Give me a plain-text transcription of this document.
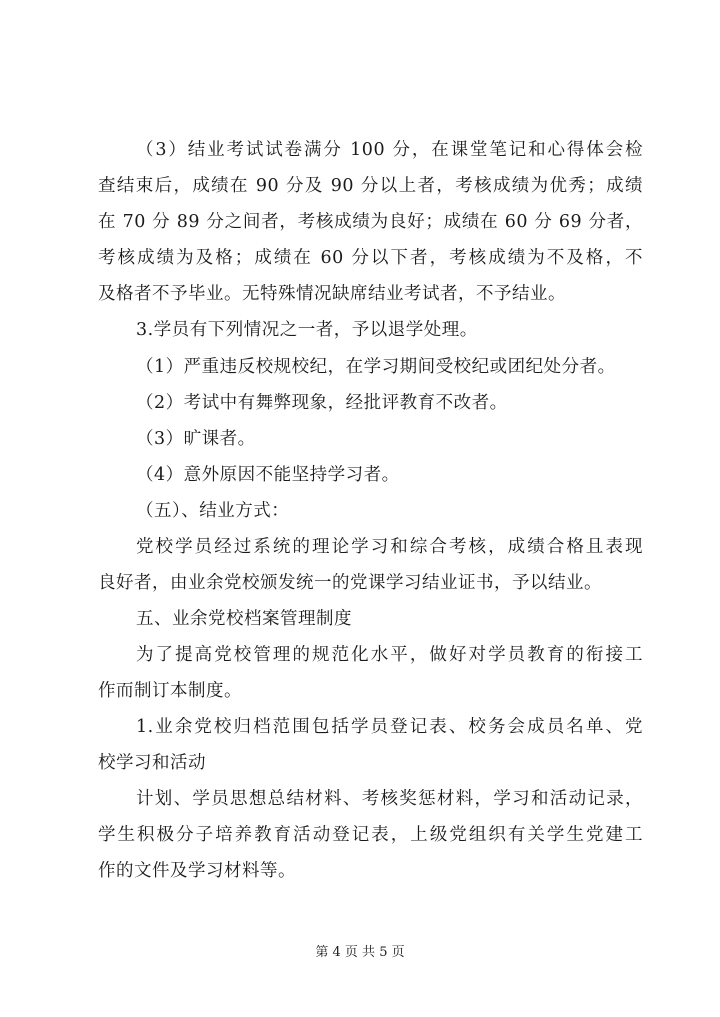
（3）结业考试试卷满分 100 分，在课堂笔记和心得体会检
查结束后，成绩在 90 分及 90 分以上者，考核成绩为优秀；成绩
在 70 分 89 分之间者，考核成绩为良好；成绩在 60 分 69 分者，
考核成绩为及格；成绩在 60 分以下者，考核成绩为不及格，不
及格者不予毕业。无特殊情况缺席结业考试者，不予结业。
3.学员有下列情况之一者，予以退学处理。
（1）严重违反校规校纪，在学习期间受校纪或团纪处分者。
（2）考试中有舞弊现象，经批评教育不改者。
（3）旷课者。
（4）意外原因不能坚持学习者。
（五）、结业方式：
党校学员经过系统的理论学习和综合考核，成绩合格且表现
良好者，由业余党校颁发统一的党课学习结业证书，予以结业。
五、业余党校档案管理制度
为了提高党校管理的规范化水平，做好对学员教育的衔接工
作而制订本制度。
1.业余党校归档范围包括学员登记表、校务会成员名单、党
校学习和活动
计划、学员思想总结材料、考核奖惩材料，学习和活动记录，
学生积极分子培养教育活动登记表，上级党组织有关学生党建工
作的文件及学习材料等。
第 4 页 共 5 页
